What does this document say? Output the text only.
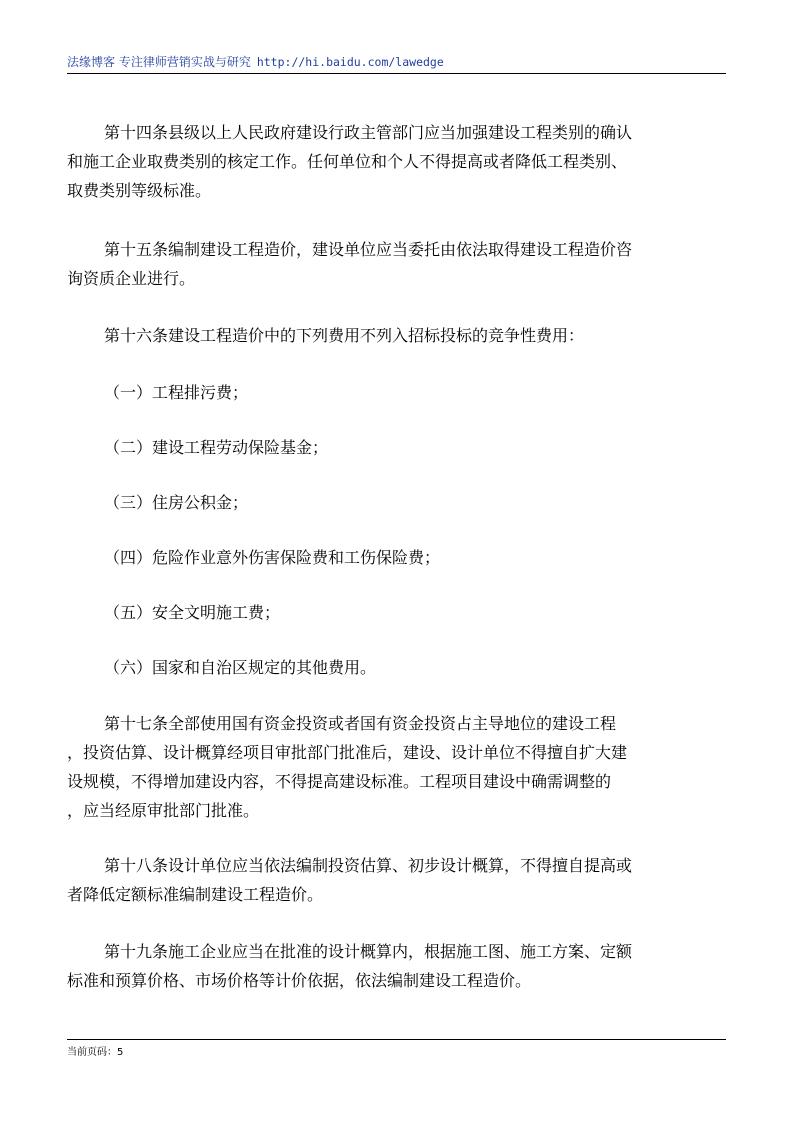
法缘博客 专注律师营销实战与研究 http://hi.baidu.com/lawedge

第十四条县级以上人民政府建设行政主管部门应当加强建设工程类别的确认
和施工企业取费类别的核定工作。任何单位和个人不得提高或者降低工程类别、
取费类别等级标准。

第十五条编制建设工程造价，建设单位应当委托由依法取得建设工程造价咨
询资质企业进行。

第十六条建设工程造价中的下列费用不列入招标投标的竞争性费用：

（一）工程排污费；

（二）建设工程劳动保险基金；

（三）住房公积金；

（四）危险作业意外伤害保险费和工伤保险费；

（五）安全文明施工费；

（六）国家和自治区规定的其他费用。

第十七条全部使用国有资金投资或者国有资金投资占主导地位的建设工程
，投资估算、设计概算经项目审批部门批准后，建设、设计单位不得擅自扩大建
设规模，不得增加建设内容，不得提高建设标准。工程项目建设中确需调整的
，应当经原审批部门批准。

第十八条设计单位应当依法编制投资估算、初步设计概算，不得擅自提高或
者降低定额标准编制建设工程造价。

第十九条施工企业应当在批准的设计概算内，根据施工图、施工方案、定额
标准和预算价格、市场价格等计价依据，依法编制建设工程造价。

当前页码：5
